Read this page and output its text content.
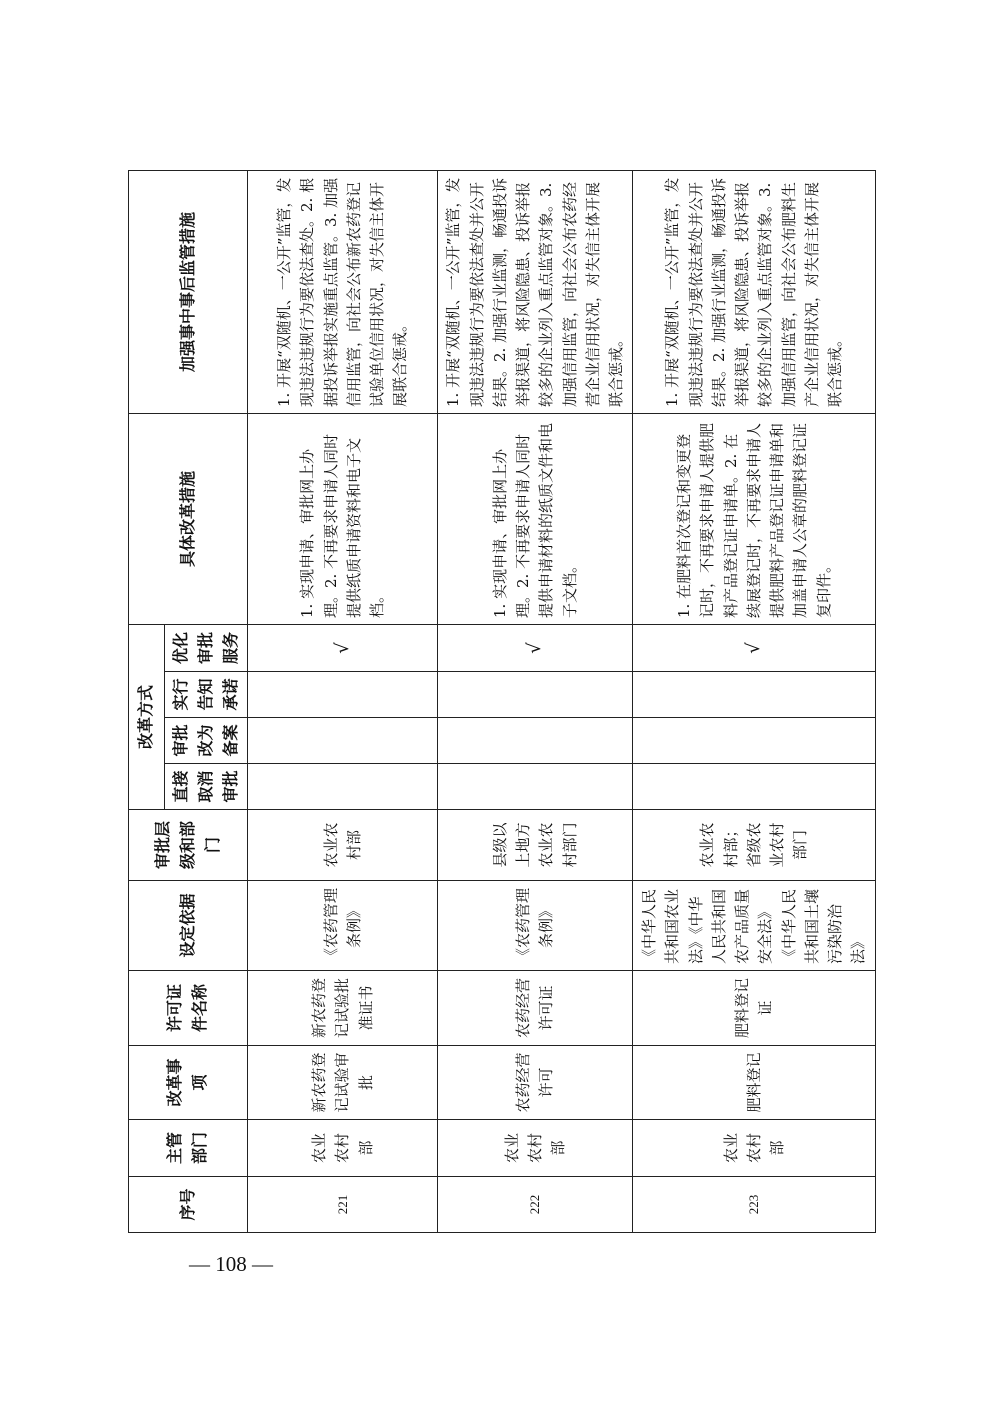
序号	主管部门	改革事项	许可证件名称	设定依据	审批层级和部门	改革方式				具体改革措施	加强事中事后监管措施
						直接取消审批	审批改为备案	实行告知承诺	优化审批服务		
221	农业农村部	新农药登记试验审批	新农药登记试验批准证书	《农药管理条例》	农业农村部				√	1. 实现申请、审批网上办理。2. 不再要求申请人同时提供纸质申请资料和电子文档。	1. 开展“双随机、一公开”监管，发现违法违规行为要依法查处。2. 根据投诉举报实施重点监管。3. 加强信用监管，向社会公布新农药登记试验单位信用状况，对失信主体开展联合惩戒。
222	农业农村部	农药经营许可	农药经营许可证	《农药管理条例》	县级以上地方农业农村部门				√	1. 实现申请、审批网上办理。2. 不再要求申请人同时提供申请材料的纸质文件和电子文档。	1. 开展“双随机、一公开”监管，发现违法违规行为要依法查处并公开结果。2. 加强行业监测，畅通投诉举报渠道，将风险隐患、投诉举报较多的企业列入重点监管对象。3. 加强信用监管，向社会公布农药经营企业信用状况，对失信主体开展联合惩戒。
223	农业农村部	肥料登记	肥料登记证	《中华人民共和国农业法》《中华人民共和国农产品质量安全法》《中华人民共和国土壤污染防治法》	农业农村部；省级农业农村部门				√	1. 在肥料首次登记和变更登记时，不再要求申请人提供肥料产品登记证申请单。2. 在续展登记时，不再要求申请人提供肥料产品登记证申请单和加盖申请人公章的肥料登记证复印件。	1. 开展“双随机、一公开”监管，发现违法违规行为要依法查处并公开结果。2. 加强行业监测，畅通投诉举报渠道，将风险隐患、投诉举报较多的企业列入重点监管对象。3. 加强信用监管，向社会公布肥料生产企业信用状况，对失信主体开展联合惩戒。
— 108 —
